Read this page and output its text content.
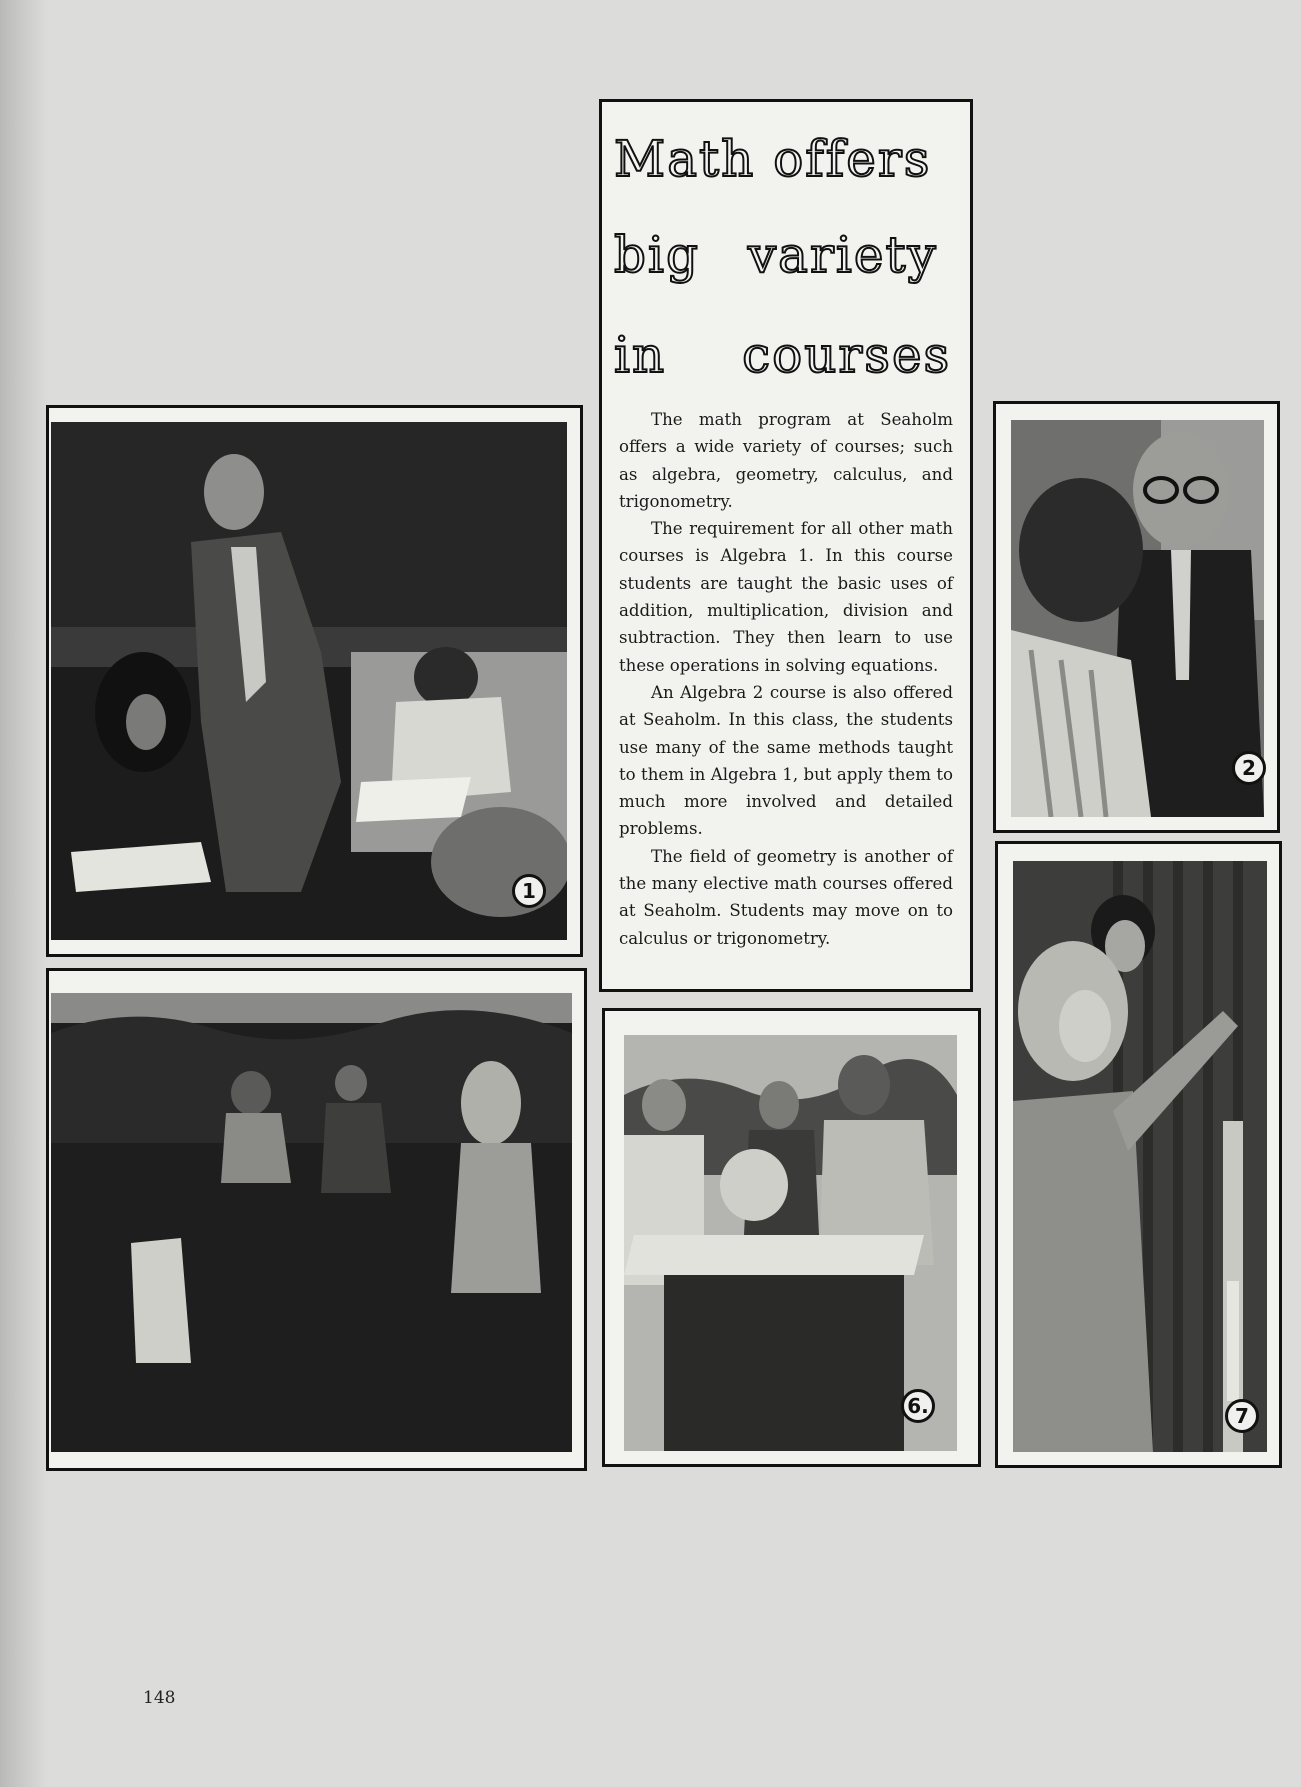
Math offers
big variety
in courses

The math program at Seaholm offers a wide variety of courses; such as algebra, geometry, calculus, and trigonometry.

The requirement for all other math courses is Algebra 1. In this course students are taught the basic uses of addition, multiplication, division and subtraction. They then learn to use these operations in solving equations.

An Algebra 2 course is also offered at Seaholm. In this class, the students use many of the same methods taught to them in Algebra 1, but apply them to much more involved and detailed problems.

The field of geometry is another of the many elective math courses offered at Seaholm. Students may move on to calculus or trigonometry.

1
2
7
6.
148
